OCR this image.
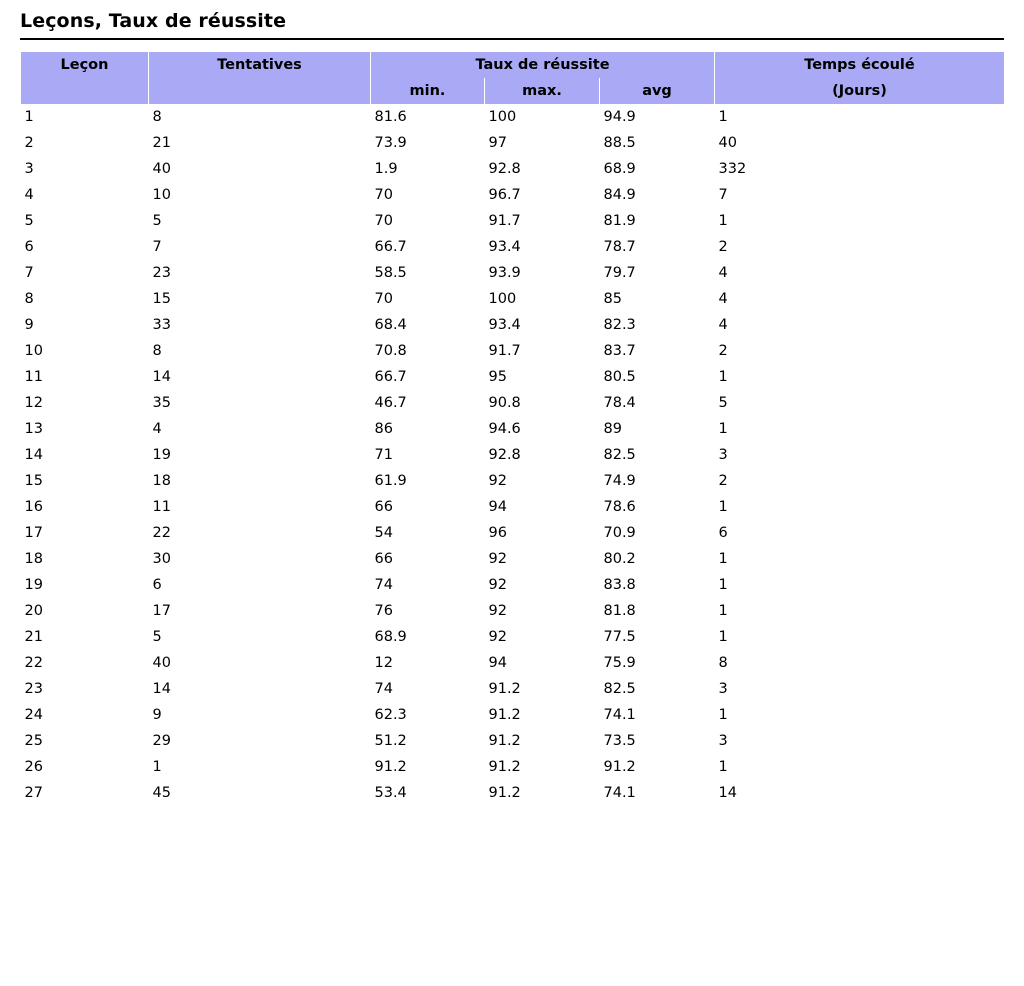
Leçons, Taux de réussite
Leçon	Tentatives	Taux de réussite			Temps écoulé
		min.	max.	avg	(Jours)
1	8	81.6	100	94.9	1
2	21	73.9	97	88.5	40
3	40	1.9	92.8	68.9	332
4	10	70	96.7	84.9	7
5	5	70	91.7	81.9	1
6	7	66.7	93.4	78.7	2
7	23	58.5	93.9	79.7	4
8	15	70	100	85	4
9	33	68.4	93.4	82.3	4
10	8	70.8	91.7	83.7	2
11	14	66.7	95	80.5	1
12	35	46.7	90.8	78.4	5
13	4	86	94.6	89	1
14	19	71	92.8	82.5	3
15	18	61.9	92	74.9	2
16	11	66	94	78.6	1
17	22	54	96	70.9	6
18	30	66	92	80.2	1
19	6	74	92	83.8	1
20	17	76	92	81.8	1
21	5	68.9	92	77.5	1
22	40	12	94	75.9	8
23	14	74	91.2	82.5	3
24	9	62.3	91.2	74.1	1
25	29	51.2	91.2	73.5	3
26	1	91.2	91.2	91.2	1
27	45	53.4	91.2	74.1	14
